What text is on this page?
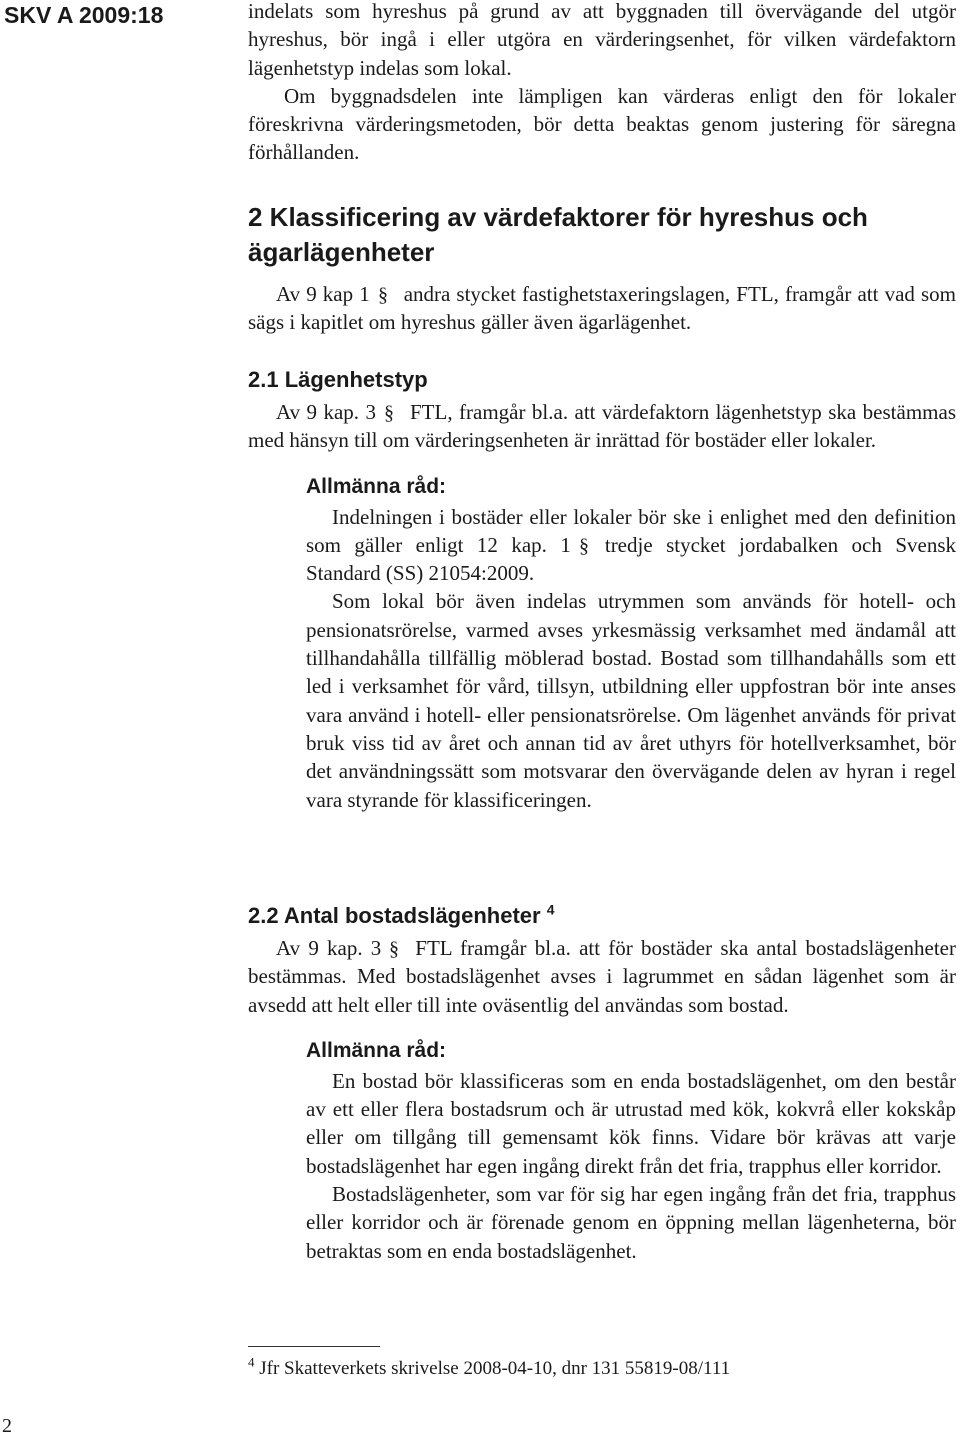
SKV A 2009:18	indelats som hyreshus på grund av att byggnaden till övervägande del utgör hyreshus, bör ingå i eller utgöra en värderingsenhet, för vilken värdefaktorn lägenhetstyp indelas som lokal.

Om byggnadsdelen inte lämpligen kan värderas enligt den för lokaler föreskrivna värderingsmetoden, bör detta beaktas genom justering för säregna förhållanden.

2 Klassificering av värdefaktorer för hyreshus och ägarlägenheter

Av 9 kap 1 § andra stycket fastighetstaxeringslagen, FTL, framgår att vad som sägs i kapitlet om hyreshus gäller även ägarlägenhet.

2.1 Lägenhetstyp

Av 9 kap. 3 § FTL, framgår bl.a. att värdefaktorn lägenhetstyp ska bestämmas med hänsyn till om värderingsenheten är inrättad för bostäder eller lokaler.

Allmänna råd:

Indelningen i bostäder eller lokaler bör ske i enlighet med den definition som gäller enligt 12 kap. 1 § tredje stycket jordabalken och Svensk Standard (SS) 21054:2009.

Som lokal bör även indelas utrymmen som används för hotell- och pensionatsrörelse, varmed avses yrkesmässig verksamhet med ändamål att tillhandahålla tillfällig möblerad bostad. Bostad som tillhandahålls som ett led i verksamhet för vård, tillsyn, utbildning eller uppfostran bör inte anses vara använd i hotell- eller pensionatsrörelse. Om lägenhet används för privat bruk viss tid av året och annan tid av året uthyrs för hotellverksamhet, bör det användningssätt som motsvarar den övervägande delen av hyran i regel vara styrande för klassificeringen.

2.2 Antal bostadslägenheter $^4$

Av 9 kap. 3 § FTL framgår bl.a. att för bostäder ska antal bostadslägenheter bestämmas. Med bostadslägenhet avses i lagrummet en sådan lägenhet som är avsedd att helt eller till inte oväsentlig del användas som bostad.

Allmänna råd:

En bostad bör klassificeras som en enda bostadslägenhet, om den består av ett eller flera bostadsrum och är utrustad med kök, kokvrå eller kokskåp eller om tillgång till gemensamt kök finns. Vidare bör krävas att varje bostadslägenhet har egen ingång direkt från det fria, trapphus eller korridor.

Bostadslägenheter, som var för sig har egen ingång från det fria, trapphus eller korridor och är förenade genom en öppning mellan lägenheterna, bör betraktas som en enda bostadslägenhet.

$^4$ Jfr Skatteverkets skrivelse 2008-04-10, dnr 131 55819-08/111

2
